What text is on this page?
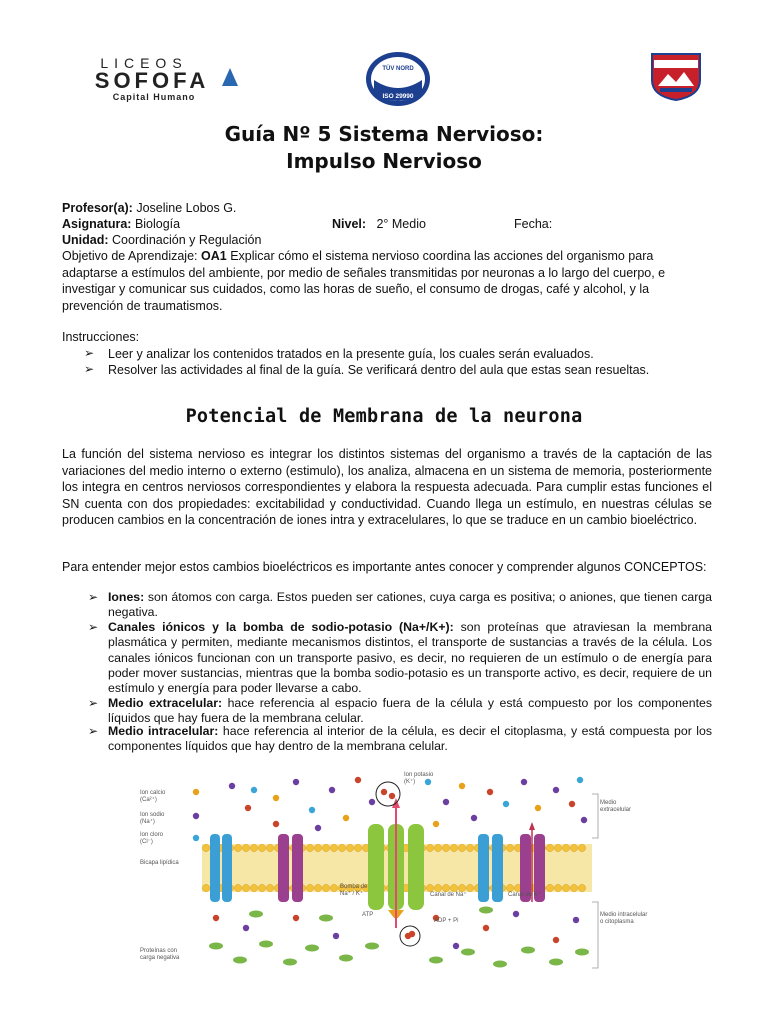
LICEOS
SOFOFA
Capital Humano
TÜV NORD
ISO 29990
Guía Nº 5 Sistema Nervioso:
Impulso Nervioso
Profesor(a): Joseline Lobos G.
Asignatura: Biología	Nivel: 2° Medio	Fecha:
Unidad: Coordinación y Regulación
Objetivo de Aprendizaje: OA1 Explicar cómo el sistema nervioso coordina las acciones del organismo para adaptarse a estímulos del ambiente, por medio de señales transmitidas por neuronas a lo largo del cuerpo, e investigar y comunicar sus cuidados, como las horas de sueño, el consumo de drogas, café y alcohol, y la prevención de traumatismos.
Instrucciones:
➢ Leer y analizar los contenidos tratados en la presente guía, los cuales serán evaluados.
➢ Resolver las actividades al final de la guía. Se verificará dentro del aula que estas sean resueltas.
Potencial de Membrana de la neurona
La función del sistema nervioso es integrar los distintos sistemas del organismo a través de la captación de las variaciones del medio interno o externo (estimulo), los analiza, almacena en un sistema de memoria, posteriormente los integra en centros nerviosos correspondientes y elabora la respuesta adecuada. Para cumplir estas funciones el SN cuenta con dos propiedades: excitabilidad y conductividad. Cuando llega un estímulo, en nuestras células se producen cambios en la concentración de iones intra y extracelulares, lo que se traduce en un cambio bioeléctrico.
Para entender mejor estos cambios bioeléctricos es importante antes conocer y comprender algunos CONCEPTOS:
➢ Iones: son átomos con carga. Estos pueden ser cationes, cuya carga es positiva; o aniones, que tienen carga negativa.
➢ Canales iónicos y la bomba de sodio-potasio (Na+/K+): son proteínas que atraviesan la membrana plasmática y permiten, mediante mecanismos distintos, el transporte de sustancias a través de la célula. Los canales iónicos funcionan con un transporte pasivo, es decir, no requieren de un estímulo o de energía para poder mover sustancias, mientras que la bomba sodio-potasio es un transporte activo, es decir, requiere de un estímulo y energía para poder llevarse a cabo.
➢ Medio extracelular: hace referencia al espacio fuera de la célula y está compuesto por los componentes líquidos que hay fuera de la membrana celular.
➢ Medio intracelular: hace referencia al interior de la célula, es decir el citoplasma, y está compuesta por los componentes líquidos que hay dentro de la membrana celular.
Ion calcio
(Ca²⁺)
Ion sodio
(Na⁺)
Ion cloro
(Cl⁻)
Bicapa lipídica
Ion potasio
(K⁺)
Medio
extracelular
Bomba de
Na⁺ / K⁺	Canal de Na⁺	Canal de K⁺
ATP
ADP + Pi
Medio intracelular
o citoplasma
Proteínas con
carga negativa
